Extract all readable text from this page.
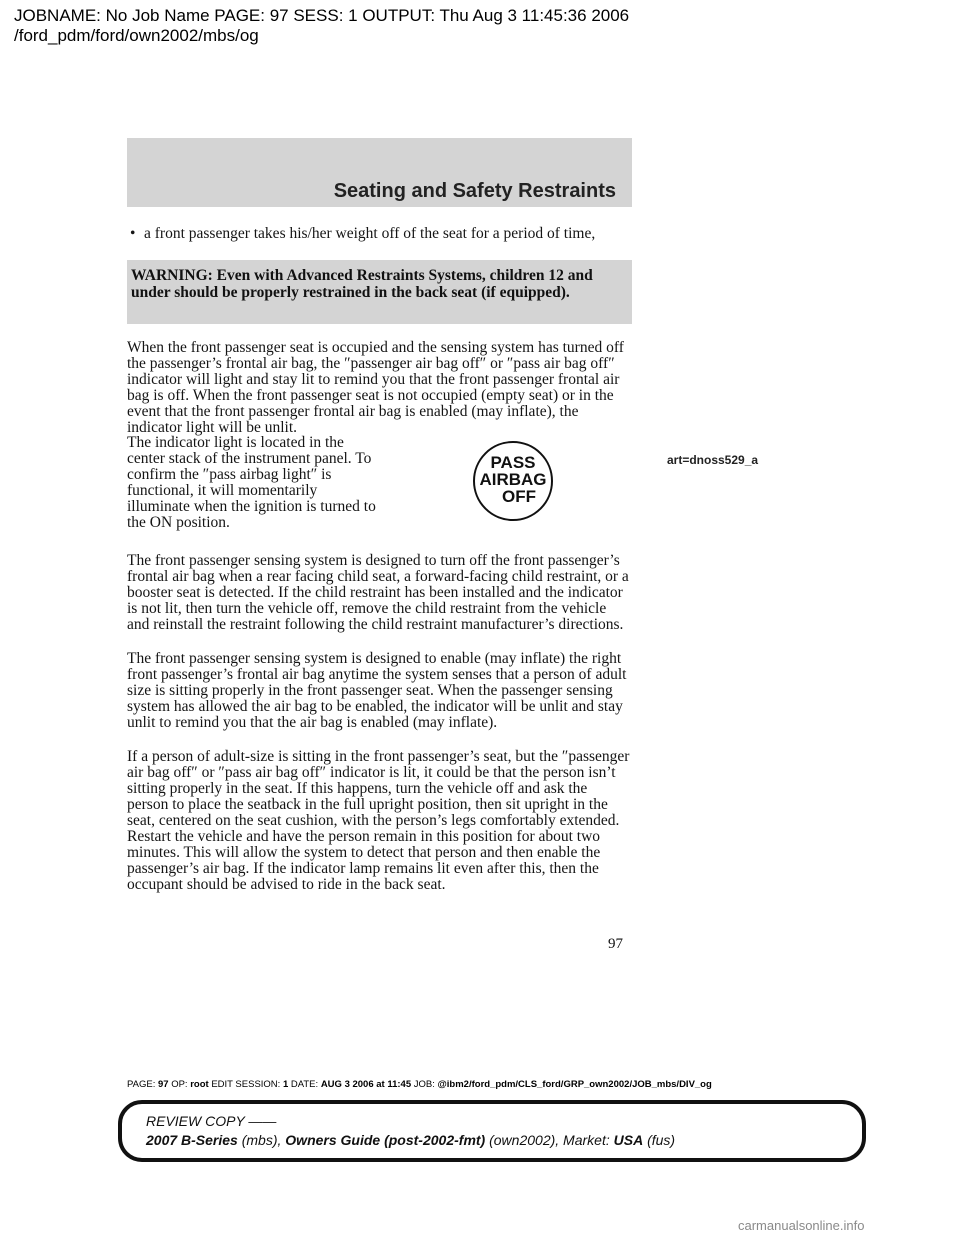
JOBNAME: No Job Name PAGE: 97 SESS: 1 OUTPUT: Thu Aug 3 11:45:36 2006
/ford_pdm/ford/own2002/mbs/og
Seating and Safety Restraints
• a front passenger takes his/her weight off of the seat for a period of time,

WARNING: Even with Advanced Restraints Systems, children 12 and under should be properly restrained in the back seat (if equipped).

When the front passenger seat is occupied and the sensing system has turned off the passenger’s frontal air bag, the ″passenger air bag off″ or ″pass air bag off″ indicator will light and stay lit to remind you that the front passenger frontal air bag is off. When the front passenger seat is not occupied (empty seat) or in the event that the front passenger frontal air bag is enabled (may inflate), the indicator light will be unlit.

The indicator light is located in the center stack of the instrument panel. To confirm the ″pass airbag light″ is functional, it will momentarily illuminate when the ignition is turned to the ON position.

PASS
AIRBAG
OFF
art=dnoss529_a

The front passenger sensing system is designed to turn off the front passenger’s frontal air bag when a rear facing child seat, a forward-facing child restraint, or a booster seat is detected. If the child restraint has been installed and the indicator is not lit, then turn the vehicle off, remove the child restraint from the vehicle and reinstall the restraint following the child restraint manufacturer’s directions.

The front passenger sensing system is designed to enable (may inflate) the right front passenger’s frontal air bag anytime the system senses that a person of adult size is sitting properly in the front passenger seat. When the passenger sensing system has allowed the air bag to be enabled, the indicator will be unlit and stay unlit to remind you that the air bag is enabled (may inflate).

If a person of adult-size is sitting in the front passenger’s seat, but the ″passenger air bag off″ or ″pass air bag off″ indicator is lit, it could be that the person isn’t sitting properly in the seat. If this happens, turn the vehicle off and ask the person to place the seatback in the full upright position, then sit upright in the seat, centered on the seat cushion, with the person’s legs comfortably extended. Restart the vehicle and have the person remain in this position for about two minutes. This will allow the system to detect that person and then enable the passenger’s air bag. If the indicator lamp remains lit even after this, then the occupant should be advised to ride in the back seat.

97
PAGE: 97 OP: root EDIT SESSION: 1 DATE: AUG 3 2006 at 11:45 JOB: @ibm2/ford_pdm/CLS_ford/GRP_own2002/JOB_mbs/DIV_og
REVIEW COPY ——
2007 B-Series (mbs), Owners Guide (post-2002-fmt) (own2002), Market: USA (fus)
carmanualsonline.info
